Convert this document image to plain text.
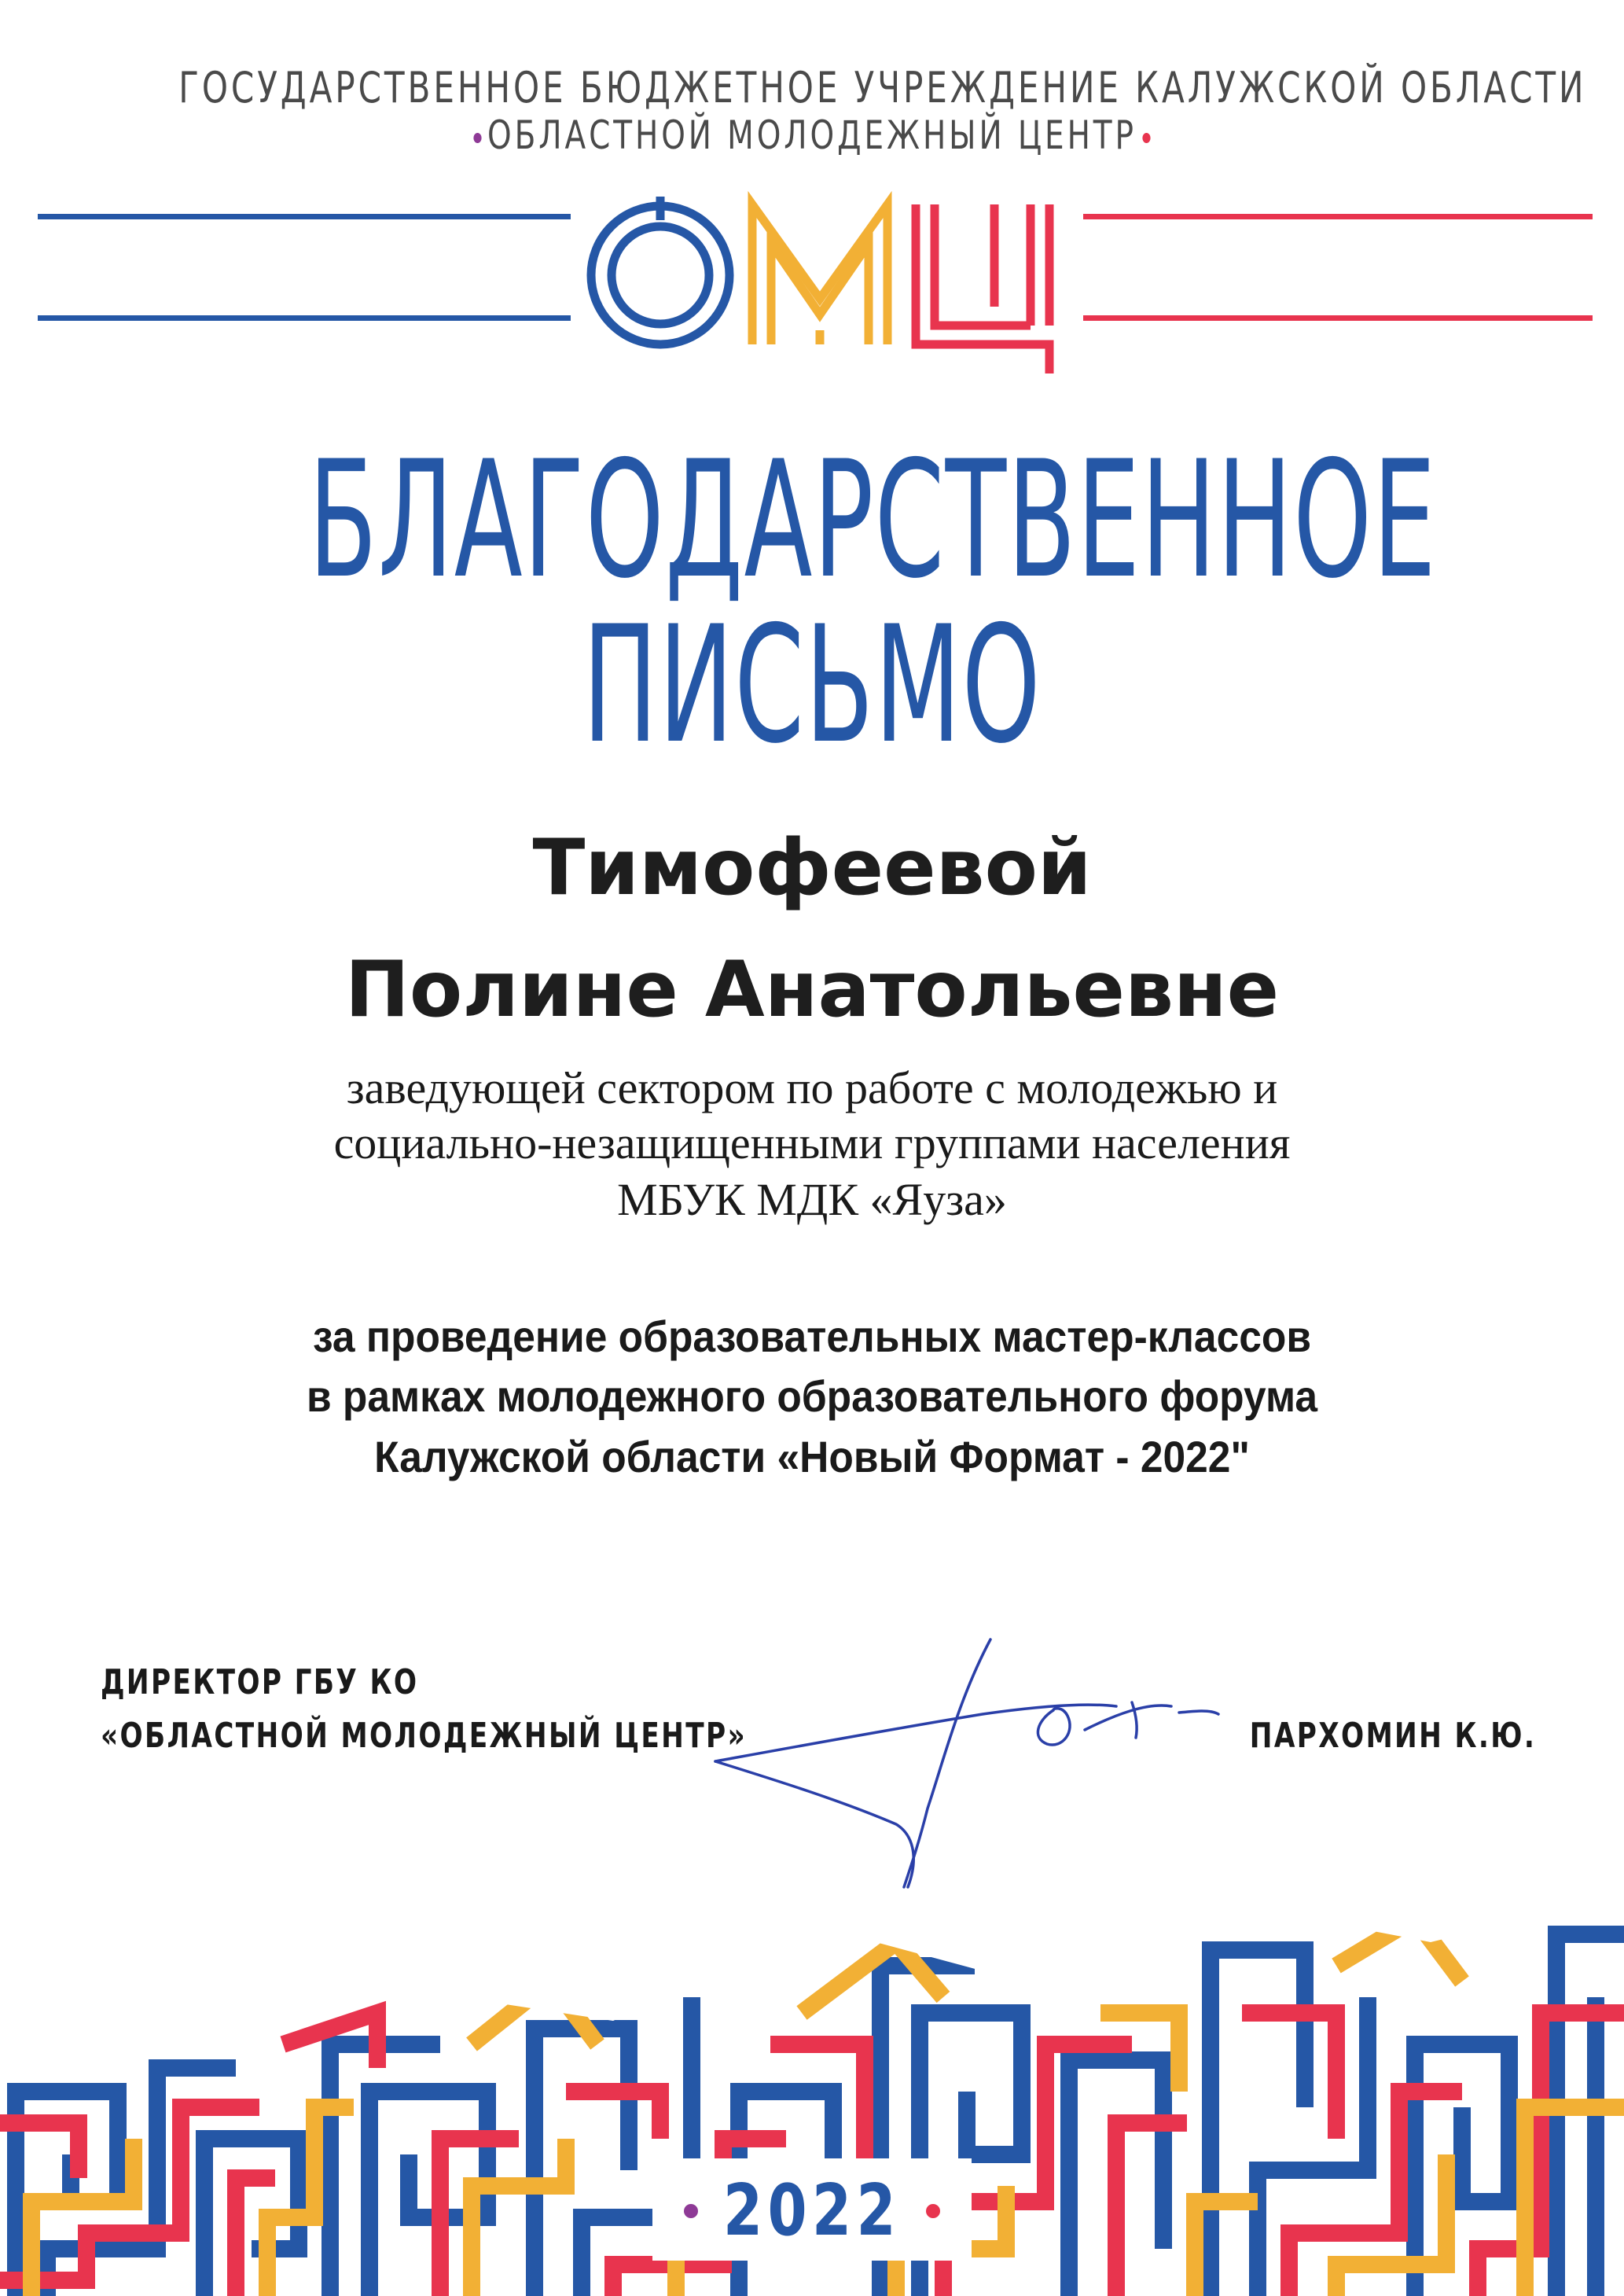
ГОСУДАРСТВЕННОЕ БЮДЖЕТНОЕ УЧРЕЖДЕНИЕ КАЛУЖСКОЙ ОБЛАСТИ
ОБЛАСТНОЙ МОЛОДЕЖНЫЙ ЦЕНТР
БЛАГОДАРСТВЕННОЕ
ПИСЬМО
Тимофеевой
Полине Анатольевне
заведующей сектором по работе с молодежью и
социально-незащищенными группами населения
МБУК МДК «Яуза»
за проведение образовательных мастер-классов
в рамках молодежного образовательного форума
Калужской области «Новый Формат - 2022"
ДИРЕКТОР ГБУ КО
«ОБЛАСТНОЙ МОЛОДЕЖНЫЙ ЦЕНТР»	ПАРХОМИН К.Ю.
2022
